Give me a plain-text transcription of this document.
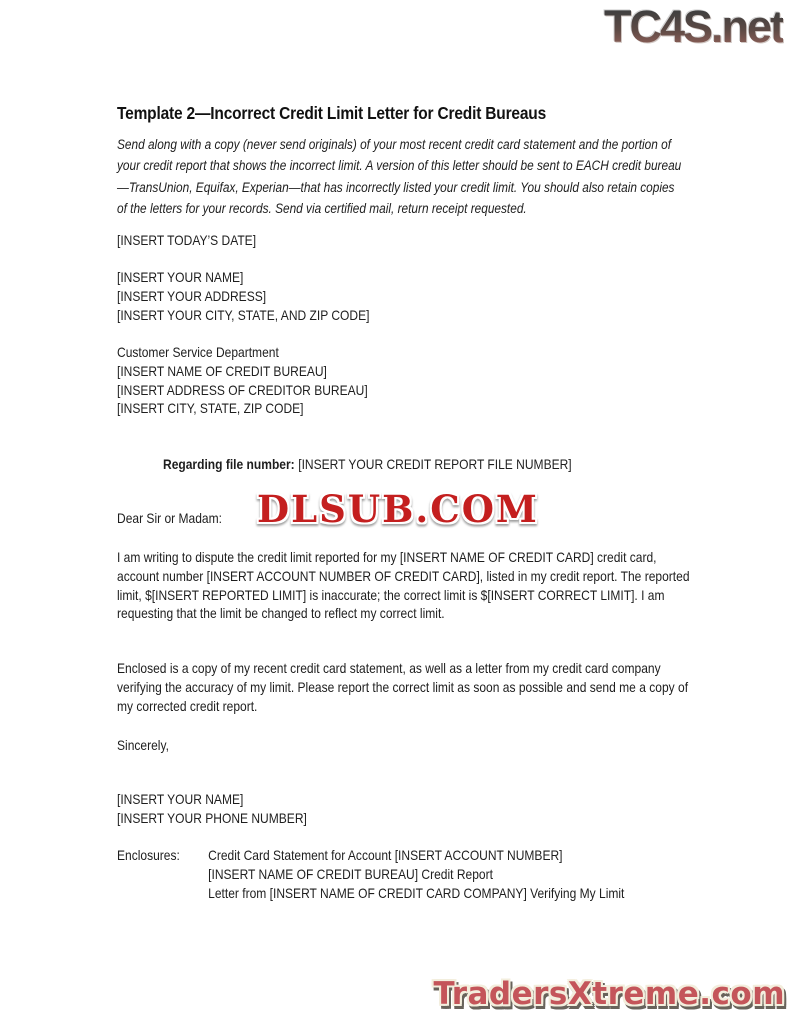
TC4S.net
Template 2—Incorrect Credit Limit Letter for Credit Bureaus

Send along with a copy (never send originals) of your most recent credit card statement and the portion of your credit report that shows the incorrect limit. A version of this letter should be sent to EACH credit bureau—TransUnion, Equifax, Experian—that has incorrectly listed your credit limit. You should also retain copies of the letters for your records. Send via certified mail, return receipt requested.

[INSERT TODAY’S DATE]
[INSERT YOUR NAME]
[INSERT YOUR ADDRESS]
[INSERT YOUR CITY, STATE, AND ZIP CODE]
Customer Service Department
[INSERT NAME OF CREDIT BUREAU]
[INSERT ADDRESS OF CREDITOR BUREAU]
[INSERT CITY, STATE, ZIP CODE]
Regarding file number: [INSERT YOUR CREDIT REPORT FILE NUMBER]
DLSUB.COM
Dear Sir or Madam:

I am writing to dispute the credit limit reported for my [INSERT NAME OF CREDIT CARD] credit card, account number [INSERT ACCOUNT NUMBER OF CREDIT CARD], listed in my credit report. The reported limit, $[INSERT REPORTED LIMIT] is inaccurate; the correct limit is $[INSERT CORRECT LIMIT]. I am requesting that the limit be changed to reflect my correct limit.

Enclosed is a copy of my recent credit card statement, as well as a letter from my credit card company verifying the accuracy of my limit. Please report the correct limit as soon as possible and send me a copy of my corrected credit report.

Sincerely,
[INSERT YOUR NAME]
[INSERT YOUR PHONE NUMBER]
Enclosures:	Credit Card Statement for Account [INSERT ACCOUNT NUMBER]
[INSERT NAME OF CREDIT BUREAU] Credit Report
Letter from [INSERT NAME OF CREDIT CARD COMPANY] Verifying My Limit
TradersXtreme.com
